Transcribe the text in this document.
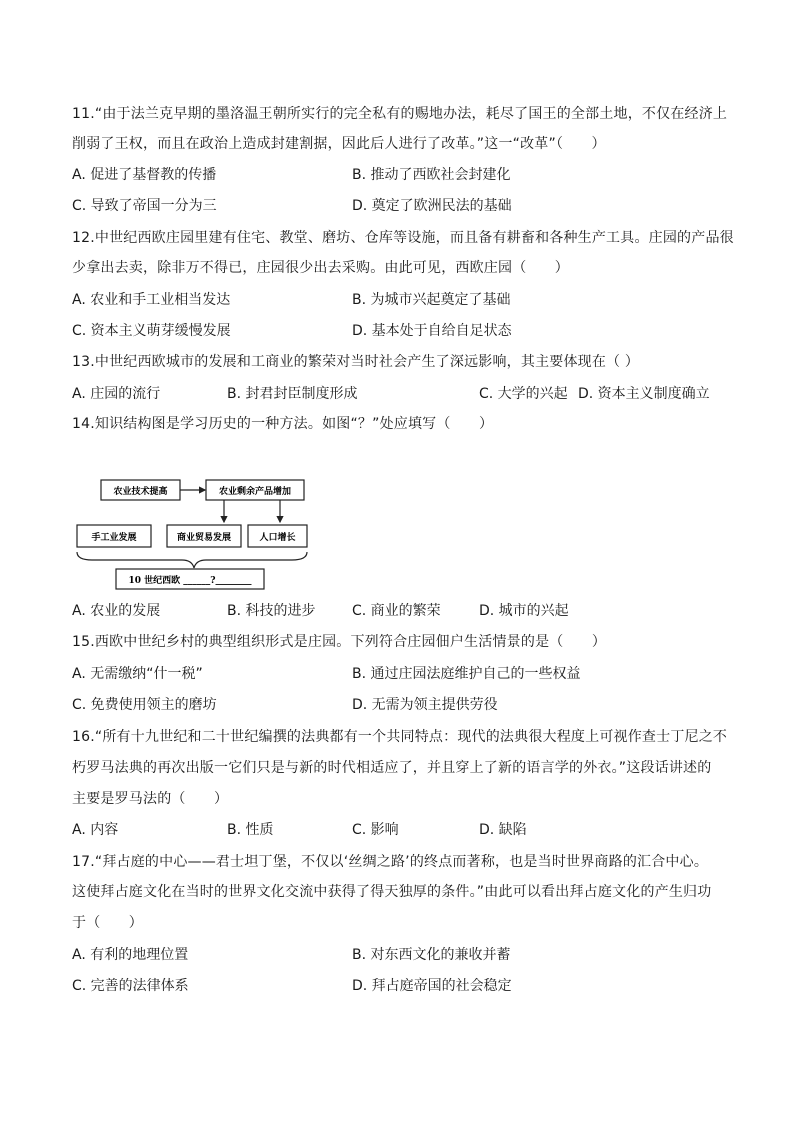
11.“由于法兰克早期的墨洛温王朝所实行的完全私有的赐地办法，耗尽了国王的全部土地，不仅在经济上
削弱了王权，而且在政治上造成封建割据，因此后人进行了改革。”这一“改革”（　　）
A. 促进了基督教的传播	B. 推动了西欧社会封建化
C. 导致了帝国一分为三	D. 奠定了欧洲民法的基础
12.中世纪西欧庄园里建有住宅、教堂、磨坊、仓库等设施，而且备有耕畜和各种生产工具。庄园的产品很
少拿出去卖，除非万不得已，庄园很少出去采购。由此可见，西欧庄园（　　）
A. 农业和手工业相当发达	B. 为城市兴起奠定了基础
C. 资本主义萌芽缓慢发展	D. 基本处于自给自足状态
13.中世纪西欧城市的发展和工商业的繁荣对当时社会产生了深远影响，其主要体现在（ ）
A. 庄园的流行	B. 封君封臣制度形成	C. 大学的兴起 D. 资本主义制度确立
14.知识结构图是学习历史的一种方法。如图“？”处应填写（　　）
农业技术提高	农业剩余产品增加
手工业发展	商业贸易发展	人口增长
10 世纪西欧 ______?________
A. 农业的发展	B. 科技的进步	C. 商业的繁荣	D. 城市的兴起
15.西欧中世纪乡村的典型组织形式是庄园。下列符合庄园佃户生活情景的是（　　）
A. 无需缴纳“什一税”	B. 通过庄园法庭维护自己的一些权益
C. 免费使用领主的磨坊	D. 无需为领主提供劳役
16.“所有十九世纪和二十世纪编撰的法典都有一个共同特点：现代的法典很大程度上可视作查士丁尼之不
朽罗马法典的再次出版一它们只是与新的时代相适应了，并且穿上了新的语言学的外衣。”这段话讲述的
主要是罗马法的（　　）
A. 内容	B. 性质	C. 影响	D. 缺陷
17.“拜占庭的中心——君士坦丁堡，不仅以‘丝绸之路’的终点而著称，也是当时世界商路的汇合中心。
这使拜占庭文化在当时的世界文化交流中获得了得天独厚的条件。”由此可以看出拜占庭文化的产生归功
于（　　）
A. 有利的地理位置	B. 对东西文化的兼收并蓄
C. 完善的法律体系	D. 拜占庭帝国的社会稳定
